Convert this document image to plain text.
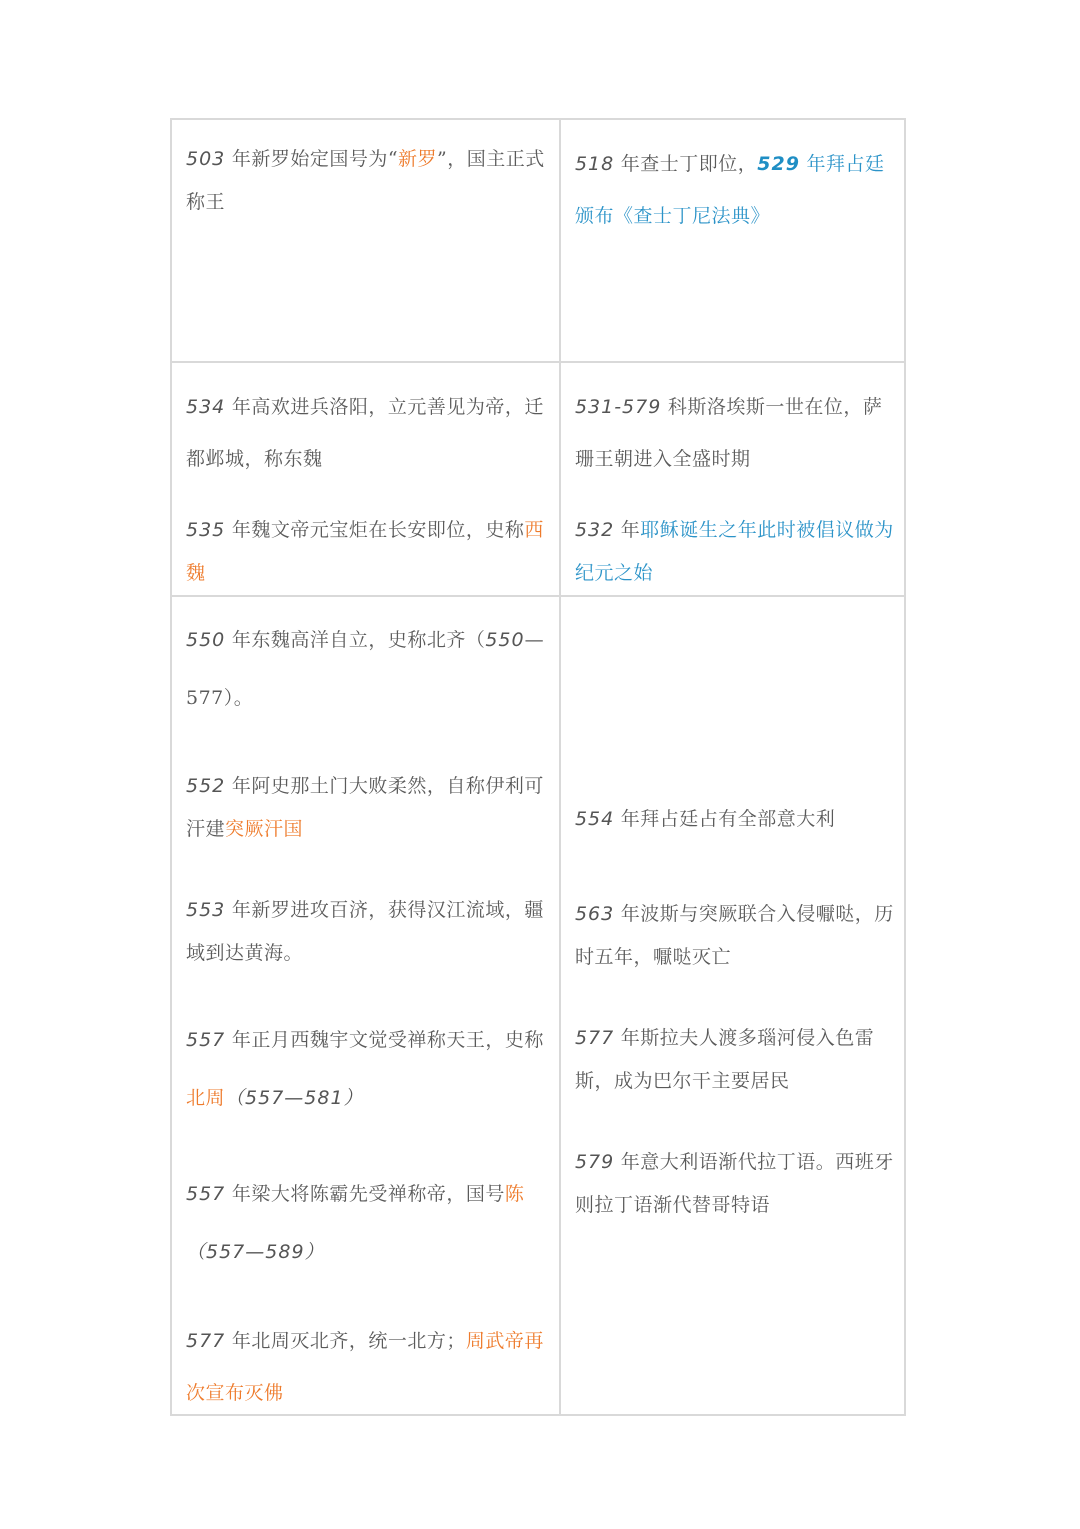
503 年新罗始定国号为“新罗”，国主正式称王
518 年查士丁即位，529 年拜占廷颁布《查士丁尼法典》
534 年高欢进兵洛阳，立元善见为帝，迁都邺城，称东魏
535 年魏文帝元宝炬在长安即位，史称西魏
531-579 科斯洛埃斯一世在位，萨珊王朝进入全盛时期
532 年耶稣诞生之年此时被倡议做为纪元之始
550 年东魏高洋自立，史称北齐（550—577）。
552 年阿史那土门大败柔然，自称伊利可汗建突厥汗国
553 年新罗进攻百济，获得汉江流域，疆域到达黄海。
557 年正月西魏宇文觉受禅称天王，史称北周（557—581）
557 年梁大将陈霸先受禅称帝，国号陈（557—589）
577 年北周灭北齐，统一北方；周武帝再次宣布灭佛
554 年拜占廷占有全部意大利
563 年波斯与突厥联合入侵嚈哒，历时五年，嚈哒灭亡
577 年斯拉夫人渡多瑙河侵入色雷斯，成为巴尔干主要居民
579 年意大利语渐代拉丁语。西班牙则拉丁语渐代替哥特语
